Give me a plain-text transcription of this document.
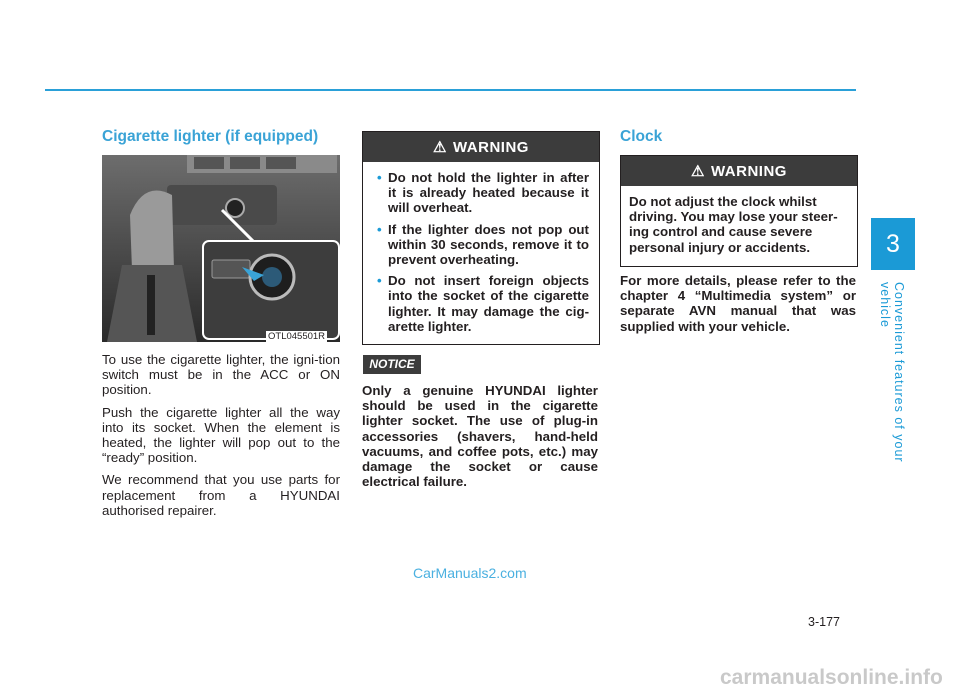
3
Convenient features of your vehicle
Cigarette lighter (if equipped)
OTL045501R

To use the cigarette lighter, the igni-tion switch must be in the ACC or ON position.

Push the cigarette lighter all the way into its socket. When the element is heated, the lighter will pop out to the “ready” position.

We recommend that you use parts for replacement from a HYUNDAI authorised repairer.

⚠ WARNING
• Do not hold the lighter in after it is already heated because it will overheat.
• If the lighter does not pop out within 30 seconds, remove it to prevent overheating.
• Do not insert foreign objects into the socket of the cigarette lighter. It may damage the cig-arette lighter.
NOTICE
Only a genuine HYUNDAI lighter should be used in the cigarette lighter socket. The use of plug-in accessories (shavers, hand-held vacuums, and coffee pots, etc.) may damage the socket or cause electrical failure.
Clock
⚠ WARNING
Do not adjust the clock whilst driving. You may lose your steer-ing control and cause severe personal injury or accidents.
For more details, please refer to the chapter 4 “Multimedia system” or separate AVN manual that was supplied with your vehicle.
CarManuals2.com
3-177
carmanualsonline.info
